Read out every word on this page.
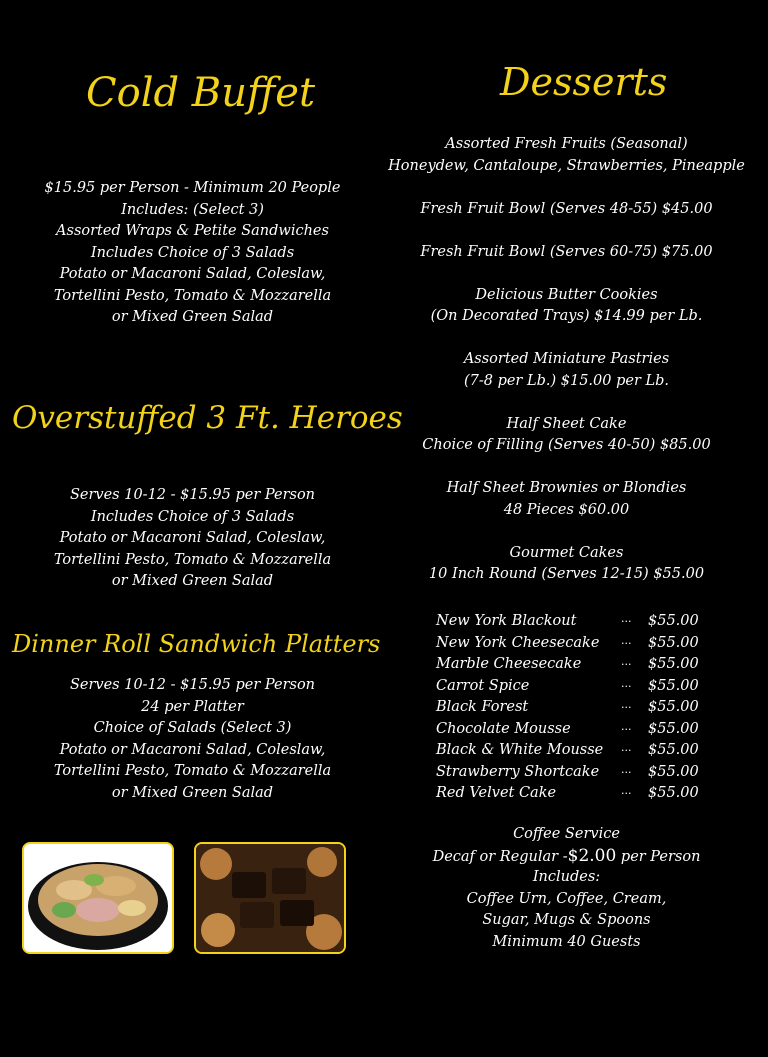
Cold Buffet
$15.95 per Person - Minimum 20 People
Includes: (Select 3)
Assorted Wraps & Petite Sandwiches
Includes Choice of 3 Salads
Potato or Macaroni Salad, Coleslaw,
Tortellini Pesto, Tomato & Mozzarella
or Mixed Green Salad
Overstuffed 3 Ft. Heroes
Serves 10-12 - $15.95 per Person
Includes Choice of 3 Salads
Potato or Macaroni Salad, Coleslaw,
Tortellini Pesto, Tomato & Mozzarella
or Mixed Green Salad
Dinner Roll Sandwich Platters
Serves 10-12 - $15.95 per Person
24 per Platter
Choice of Salads (Select 3)
Potato or Macaroni Salad, Coleslaw,
Tortellini Pesto, Tomato & Mozzarella
or Mixed Green Salad
Desserts
Assorted Fresh Fruits (Seasonal)
Honeydew, Cantaloupe, Strawberries, Pineapple
Fresh Fruit Bowl (Serves 48-55) $45.00
Fresh Fruit Bowl (Serves 60-75) $75.00
Delicious Butter Cookies
(On Decorated Trays) $14.99 per Lb.
Assorted Miniature Pastries
(7-8 per Lb.) $15.00 per Lb.
Half Sheet Cake
Choice of Filling (Serves 40-50) $85.00
Half Sheet Brownies or Blondies
48 Pieces $60.00
Gourmet Cakes
10 Inch Round (Serves 12-15) $55.00
New York Blackout	··· $55.00
New York Cheesecake ··· $55.00
Marble Cheesecake	··· $55.00
Carrot Spice	··· $55.00
Black Forest	··· $55.00
Chocolate Mousse	··· $55.00
Black & White Mousse ··· $55.00
Strawberry Shortcake ··· $55.00
Red Velvet Cake	··· $55.00
Coffee Service
Decaf or Regular -$2.00 per Person
Includes:
Coffee Urn, Coffee, Cream,
Sugar, Mugs & Spoons
Minimum 40 Guests
